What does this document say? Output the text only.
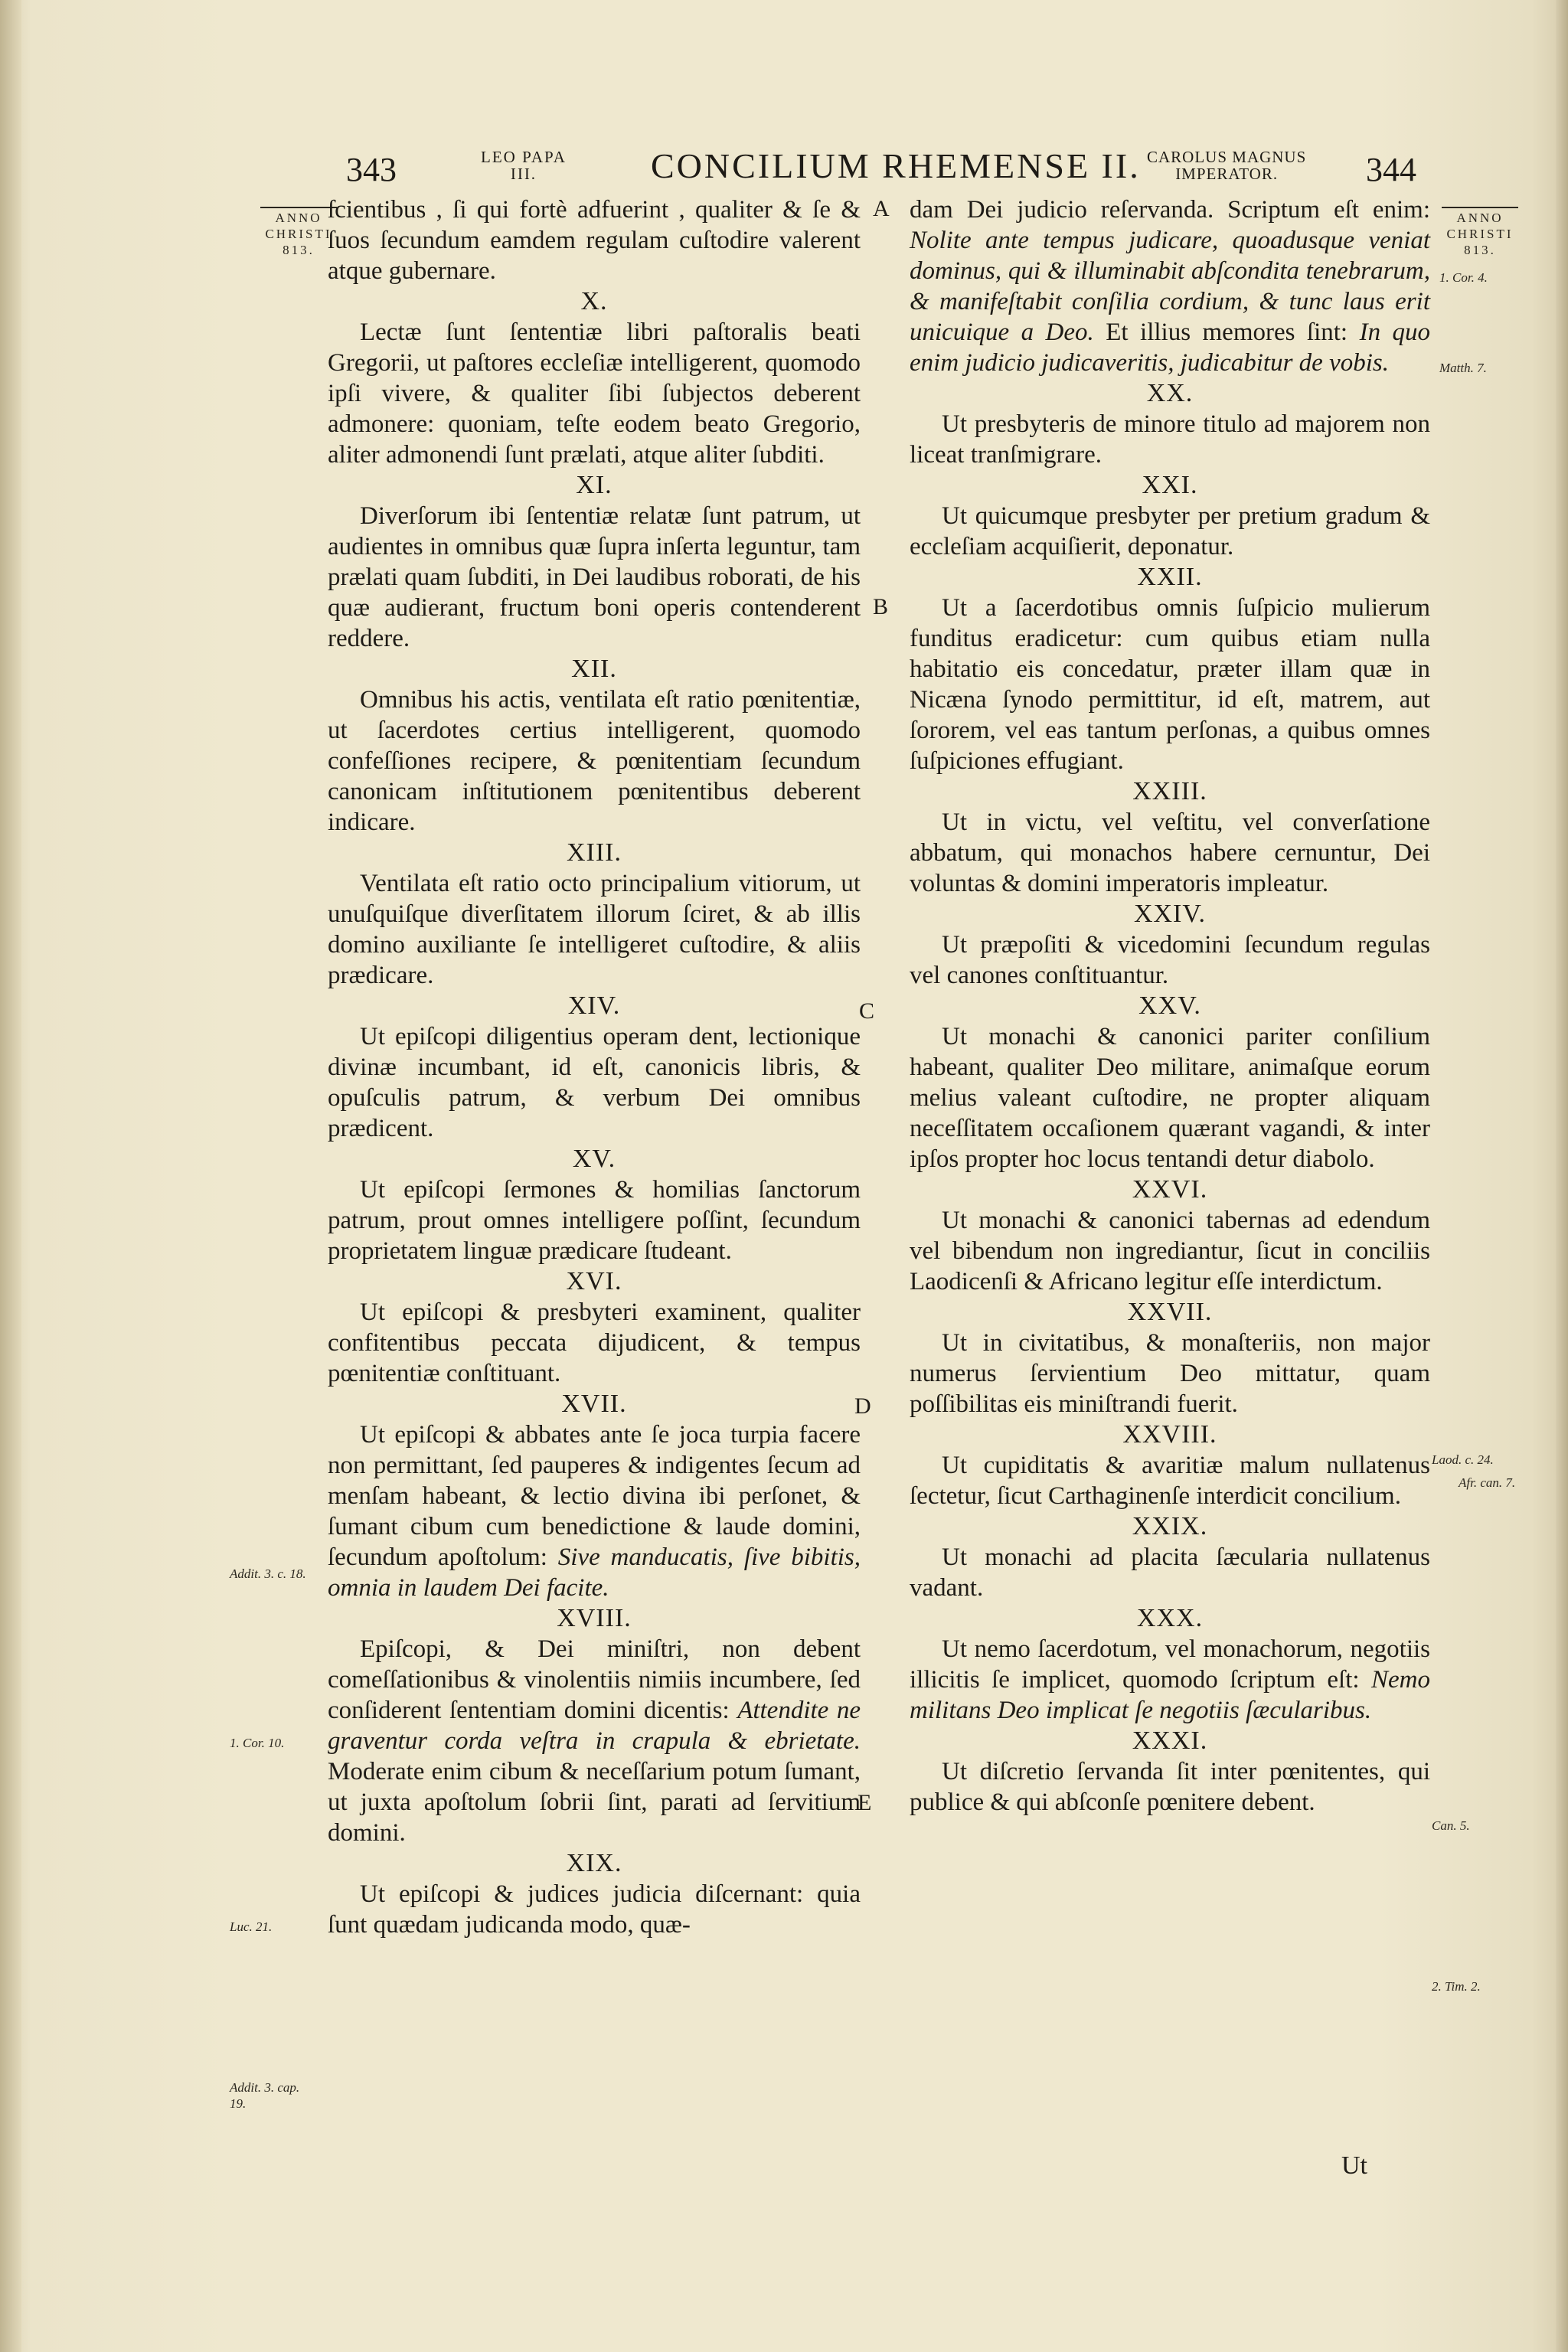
343	LEO PAPA
III.	CONCILIUM RHEMENSE II. CAROLUS MAGNUS
IMPERATOR.	344
ANNO
CHRISTI
813.
Addit. 3. c. 18.
1. Cor. 10.
Luc. 21.
Addit. 3. cap. 19.
ANNO
CHRISTI
813.
1. Cor. 4.
Matth. 7.
Laod. c. 24.
Afr. can. 7.
Can. 5.
2. Tim. 2.
A
B
C
D
E

ſcientibus , ſi qui fortè adfuerint , qualiter & ſe & ſuos ſecundum eamdem regulam cuſtodire valerent atque gubernare.

X.

Lectæ ſunt ſententiæ libri paſtoralis beati Gregorii, ut paſtores eccleſiæ intelligerent, quomodo ipſi vivere, & qualiter ſibi ſubjectos deberent admonere: quoniam, teſte eodem beato Gregorio, aliter admonendi ſunt prælati, atque aliter ſubditi.

XI.

Diverſorum ibi ſententiæ relatæ ſunt patrum, ut audientes in omnibus quæ ſupra inſerta leguntur, tam prælati quam ſubditi, in Dei laudibus roborati, de his quæ audierant, fructum boni operis contenderent reddere.

XII.

Omnibus his actis, ventilata eſt ratio pœnitentiæ, ut ſacerdotes certius intelligerent, quomodo confeſſiones recipere, & pœnitentiam ſecundum canonicam inſtitutionem pœnitentibus deberent indicare.

XIII.

Ventilata eſt ratio octo principalium vitiorum, ut unuſquiſque diverſitatem illorum ſciret, & ab illis domino auxiliante ſe intelligeret cuſtodire, & aliis prædicare.

XIV.

Ut epiſcopi diligentius operam dent, lectionique divinæ incumbant, id eſt, canonicis libris, & opuſculis patrum, & verbum Dei omnibus prædicent.

XV.

Ut epiſcopi ſermones & homilias ſanctorum patrum, prout omnes intelligere poſſint, ſecundum proprietatem linguæ prædicare ſtudeant.

XVI.

Ut epiſcopi & presbyteri examinent, qualiter confitentibus peccata dijudicent, & tempus pœnitentiæ conſtituant.

XVII.

Ut epiſcopi & abbates ante ſe joca turpia facere non permittant, ſed pauperes & indigentes ſecum ad menſam habeant, & lectio divina ibi perſonet, & ſumant cibum cum benedictione & laude domini, ſecundum apoſtolum: Sive manducatis, ſive bibitis, omnia in laudem Dei facite.

XVIII.

Epiſcopi, & Dei miniſtri, non debent comeſſationibus & vinolentiis nimiis incumbere, ſed conſiderent ſententiam domini dicentis: Attendite ne graventur corda veſtra in crapula & ebrietate. Moderate enim cibum & neceſſarium potum ſumant, ut juxta apoſtolum ſobrii ſint, parati ad ſervitium domini.

XIX.

Ut epiſcopi & judices judicia diſcernant: quia ſunt quædam judicanda modo, quæ-

dam Dei judicio reſervanda. Scriptum eſt enim: Nolite ante tempus judicare, quoadusque veniat dominus, qui & illuminabit abſcondita tenebrarum, & manifeſtabit conſilia cordium, & tunc laus erit unicuique a Deo. Et illius memores ſint: In quo enim judicio judicaveritis, judicabitur de vobis.

XX.

Ut presbyteris de minore titulo ad majorem non liceat tranſmigrare.

XXI.

Ut quicumque presbyter per pretium gradum & eccleſiam acquiſierit, deponatur.

XXII.

Ut a ſacerdotibus omnis ſuſpicio mulierum funditus eradicetur: cum quibus etiam nulla habitatio eis concedatur, præter illam quæ in Nicæna ſynodo permittitur, id eſt, matrem, aut ſororem, vel eas tantum perſonas, a quibus omnes ſuſpiciones effugiant.

XXIII.

Ut in victu, vel veſtitu, vel converſatione abbatum, qui monachos habere cernuntur, Dei voluntas & domini imperatoris impleatur.

XXIV.

Ut præpoſiti & vicedomini ſecundum regulas vel canones conſtituantur.

XXV.

Ut monachi & canonici pariter conſilium habeant, qualiter Deo militare, animaſque eorum melius valeant cuſtodire, ne propter aliquam neceſſitatem occaſionem quærant vagandi, & inter ipſos propter hoc locus tentandi detur diabolo.

XXVI.

Ut monachi & canonici tabernas ad edendum vel bibendum non ingrediantur, ſicut in conciliis Laodicenſi & Africano legitur eſſe interdictum.

XXVII.

Ut in civitatibus, & monaſteriis, non major numerus ſervientium Deo mittatur, quam poſſibilitas eis miniſtrandi fuerit.

XXVIII.

Ut cupiditatis & avaritiæ malum nullatenus ſectetur, ſicut Carthaginenſe interdicit concilium.

XXIX.

Ut monachi ad placita ſæcularia nullatenus vadant.

XXX.

Ut nemo ſacerdotum, vel monachorum, negotiis illicitis ſe implicet, quomodo ſcriptum eſt: Nemo militans Deo implicat ſe negotiis ſæcularibus.

XXXI.

Ut diſcretio ſervanda ſit inter pœnitentes, qui publice & qui abſconſe pœnitere debent.

Ut
